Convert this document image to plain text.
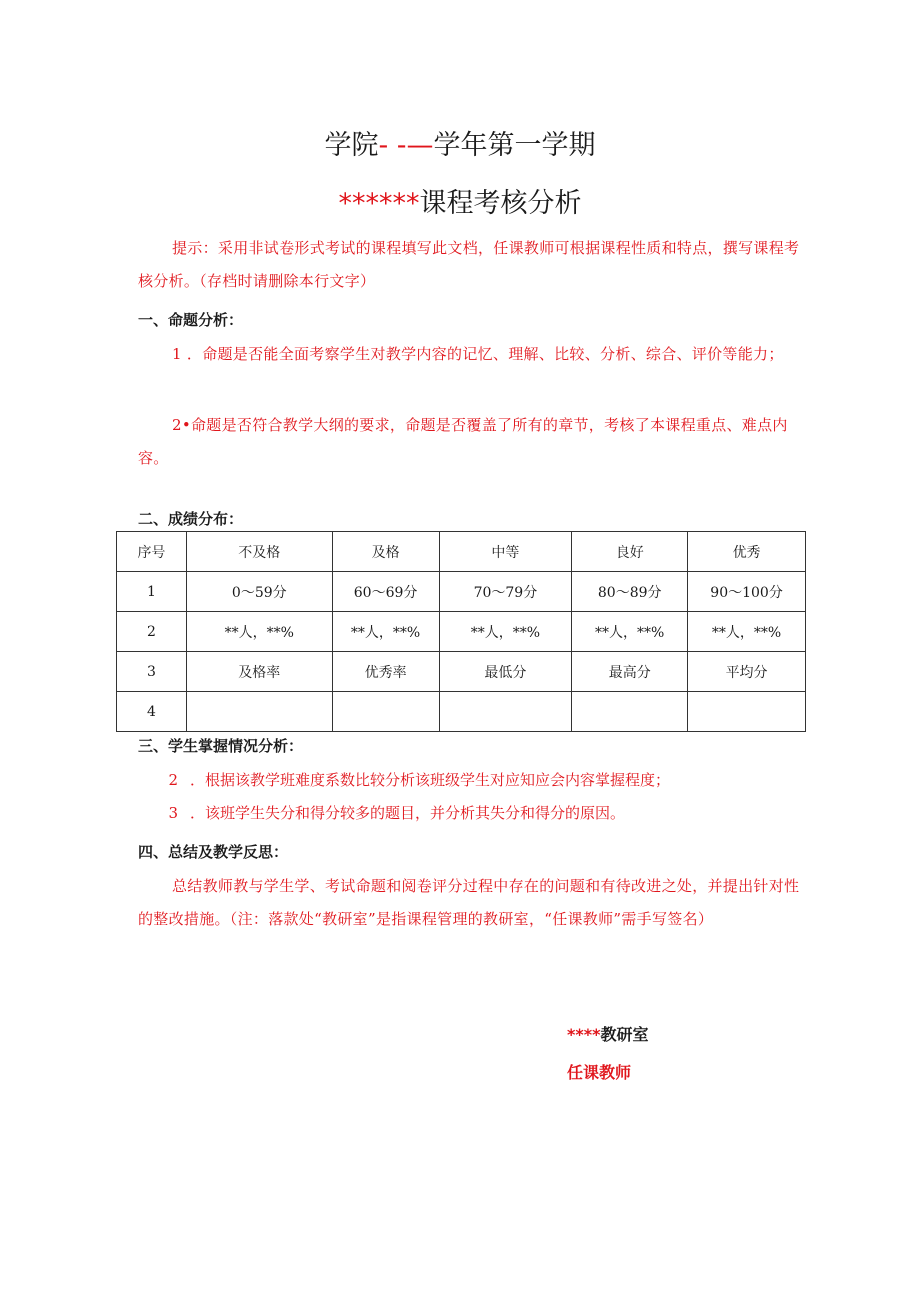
学院- -—学年第一学期
******课程考核分析
提示：采用非试卷形式考试的课程填写此文档，任课教师可根据课程性质和特点，撰写课程考核分析。（存档时请删除本行文字）
一、命题分析：
1 ．命题是否能全面考察学生对教学内容的记忆、理解、比较、分析、综合、评价等能力；
2•命题是否符合教学大纲的要求，命题是否覆盖了所有的章节，考核了本课程重点、难点内容。
二、成绩分布：
序号	不及格	及格	中等	良好	优秀
1	0～59分	60～69分	70～79分	80～89分	90～100分
2	**人，**%	**人，**%	**人，**%	**人，**%	**人，**%
3	及格率	优秀率	最低分	最高分	平均分
4					
三、学生掌握情况分析：
2 ．根据该教学班难度系数比较分析该班级学生对应知应会内容掌握程度；
3 ．该班学生失分和得分较多的题目，并分析其失分和得分的原因。
四、总结及教学反思：
总结教师教与学生学、考试命题和阅卷评分过程中存在的问题和有待改进之处，并提出针对性的整改措施。（注：落款处“教研室”是指课程管理的教研室，“任课教师”需手写签名）
****教研室
任课教师
